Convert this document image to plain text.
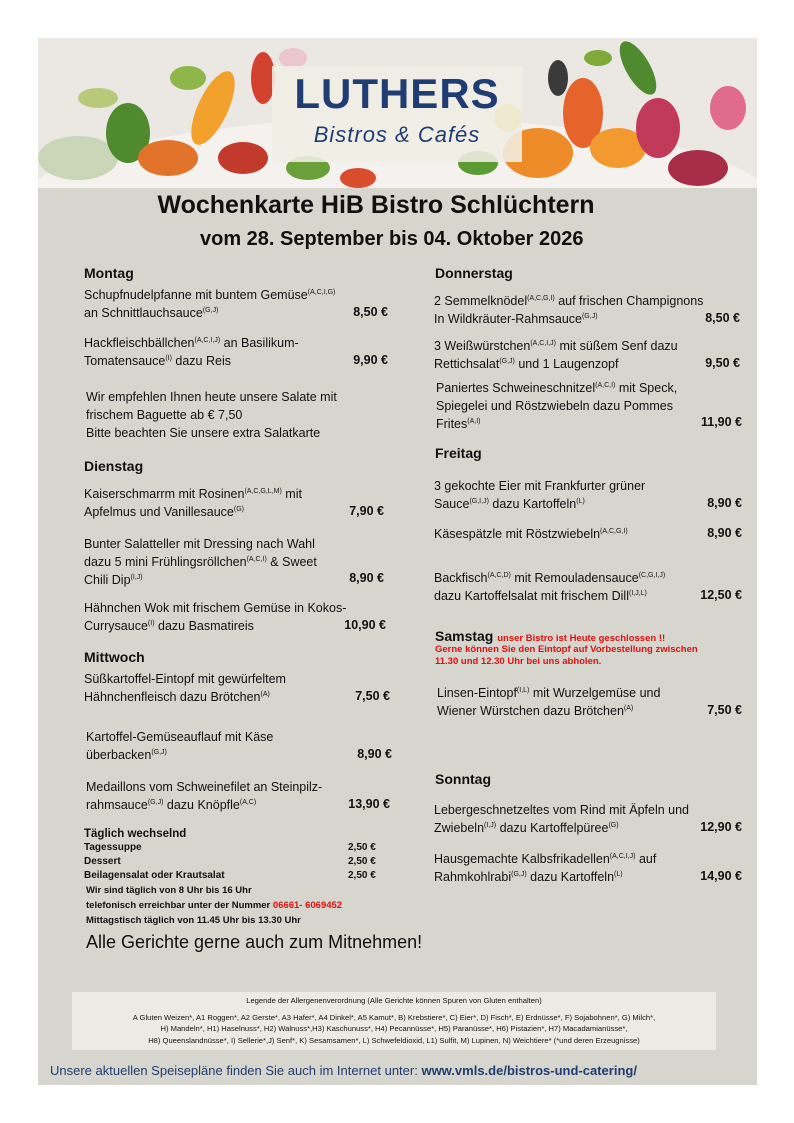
LUTHERS
Bistros & Cafés
Wochenkarte HiB Bistro Schlüchtern
vom 28. September bis 04. Oktober 2026
Montag
Schupfnudelpfanne mit buntem Gemüse$^{(A,C,I,G)}$
an Schnittlauchsauce$^{(G,J)}$	8,50 €
Hackfleischbällchen$^{(A,C,I,J)}$ an Basilikum-
Tomatensauce$^{(I)}$ dazu Reis	9,90 €
Wir empfehlen Ihnen heute unsere Salate mit
frischem Baguette ab € 7,50
Bitte beachten Sie unsere extra Salatkarte
Dienstag
Kaiserschmarrm mit Rosinen$^{(A,C,G,L,M)}$ mit
Apfelmus und Vanillesauce$^{(G)}$	7,90 €
Bunter Salatteller mit Dressing nach Wahl
dazu 5 mini Frühlingsröllchen$^{(A,C,I)}$ & Sweet
Chili Dip$^{(I,J)}$	8,90 €
Hähnchen Wok mit frischem Gemüse in Kokos-
Currysauce$^{(I)}$ dazu Basmatireis	10,90 €
Mittwoch
Süßkartoffel-Eintopf mit gewürfeltem
Hähnchenfleisch dazu Brötchen$^{(A)}$	7,50 €
Kartoffel-Gemüseauflauf mit Käse
überbacken$^{(G,J)}$	8,90 €
Medaillons vom Schweinefilet an Steinpilz-
rahmsauce$^{(G,J)}$ dazu Knöpfle$^{(A,C)}$	13,90 €
Täglich wechselnd
Tagessuppe	2,50 €
Dessert	2,50 €
Beilagensalat oder Krautsalat	2,50 €
Wir sind täglich von 8 Uhr bis 16 Uhr
telefonisch erreichbar unter der Nummer 06661- 6069452
Mittagstisch täglich von 11.45 Uhr bis 13.30 Uhr
Donnerstag
2 Semmelknödel$^{(A,C,G,I)}$ auf frischen Champignons
In Wildkräuter-Rahmsauce$^{(G,J)}$	8,50 €
3 Weißwürstchen$^{(A,C,I,J)}$ mit süßem Senf dazu
Rettichsalat$^{(G,J)}$ und 1 Laugenzopf	9,50 €
Paniertes Schweineschnitzel$^{(A,C,I)}$ mit Speck,
Spiegelei und Röstzwiebeln dazu Pommes
Frites$^{(A,I)}$	11,90 €
Freitag
3 gekochte Eier mit Frankfurter grüner
Sauce$^{(G,I,J)}$ dazu Kartoffeln$^{(L)}$	8,90 €
Käsespätzle mit Röstzwiebeln$^{(A,C,G,I)}$	8,90 €
Backfisch$^{(A,C,D)}$ mit Remouladensauce$^{(C,G,I,J)}$
dazu Kartoffelsalat mit frischem Dill$^{(I,J,L)}$	12,50 €
Samstag unser Bistro ist Heute geschlossen !!
Gerne können Sie den Eintopf auf Vorbestellung zwischen
11.30 und 12.30 Uhr bei uns abholen.
Linsen-Eintopf$^{(I,L)}$ mit Wurzelgemüse und
Wiener Würstchen dazu Brötchen$^{(A)}$	7,50 €
Sonntag
Lebergeschnetzeltes vom Rind mit Äpfeln und
Zwiebeln$^{(I,J)}$ dazu Kartoffelpüree$^{(G)}$	12,90 €
Hausgemachte Kalbsfrikadellen$^{(A,C,I,J)}$ auf
Rahmkohlrabi$^{(G,J)}$ dazu Kartoffeln$^{(L)}$	14,90 €
Alle Gerichte gerne auch zum Mitnehmen!
Legende der Allergenenverordnung (Alle Gerichte können Spuren von Gluten enthalten)
A Gluten Weizen*, A1 Roggen*, A2 Gerste*, A3 Hafer*, A4 Dinkel*, A5 Kamut*, B) Krebstiere*, C) Eier*, D) Fisch*, E) Erdnüsse*, F) Sojabohnen*, G) Milch*,
H) Mandeln*, H1) Haselnuss*, H2) Walnuss*,H3) Kaschunuss*, H4) Pecannüsse*, H5) Paranüsse*, H6) Pistazien*, H7) Macadamianüsse*,
H8) Queenslandnüsse*, I) Sellerie*,J) Senf*, K) Sesamsamen*, L) Schwefeldioxid, L1) Sulfit, M) Lupinen, N) Weichtiere* (*und deren Erzeugnisse)
Unsere aktuellen Speisepläne finden Sie auch im Internet unter: www.vmls.de/bistros-und-catering/
